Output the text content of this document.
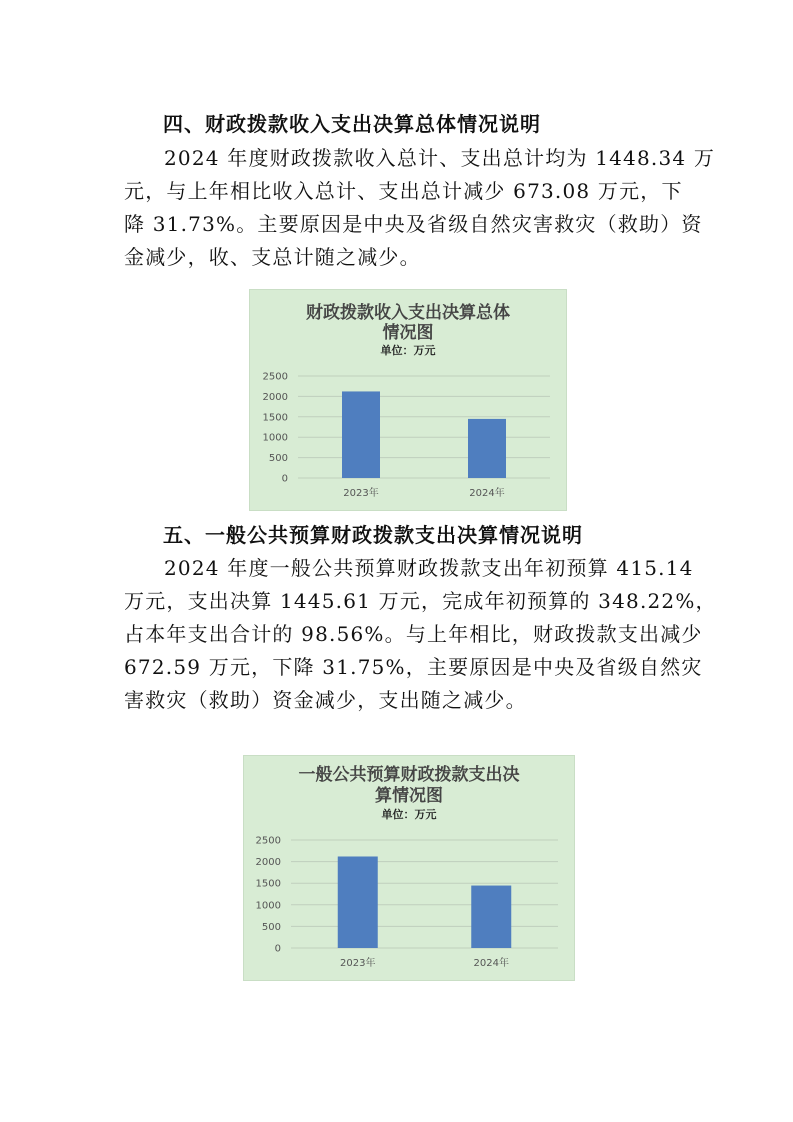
四、财政拨款收入支出决算总体情况说明

2024 年度财政拨款收入总计、支出总计均为 1448.34 万
元，与上年相比收入总计、支出总计减少 673.08 万元，下
降 31.73%。主要原因是中央及省级自然灾害救灾（救助）资
金减少，收、支总计随之减少。

财政拨款收入支出决算总体
情况图
单位：万元
0
500
1000
1500
2000
2500
2023年	2024年
五、一般公共预算财政拨款支出决算情况说明

2024 年度一般公共预算财政拨款支出年初预算 415.14
万元，支出决算 1445.61 万元，完成年初预算的 348.22%，
占本年支出合计的 98.56%。与上年相比，财政拨款支出减少
672.59 万元，下降 31.75%，主要原因是中央及省级自然灾
害救灾（救助）资金减少，支出随之减少。

一般公共预算财政拨款支出决
算情况图
单位：万元
0
500
1000
1500
2000
2500
2023年	2024年
